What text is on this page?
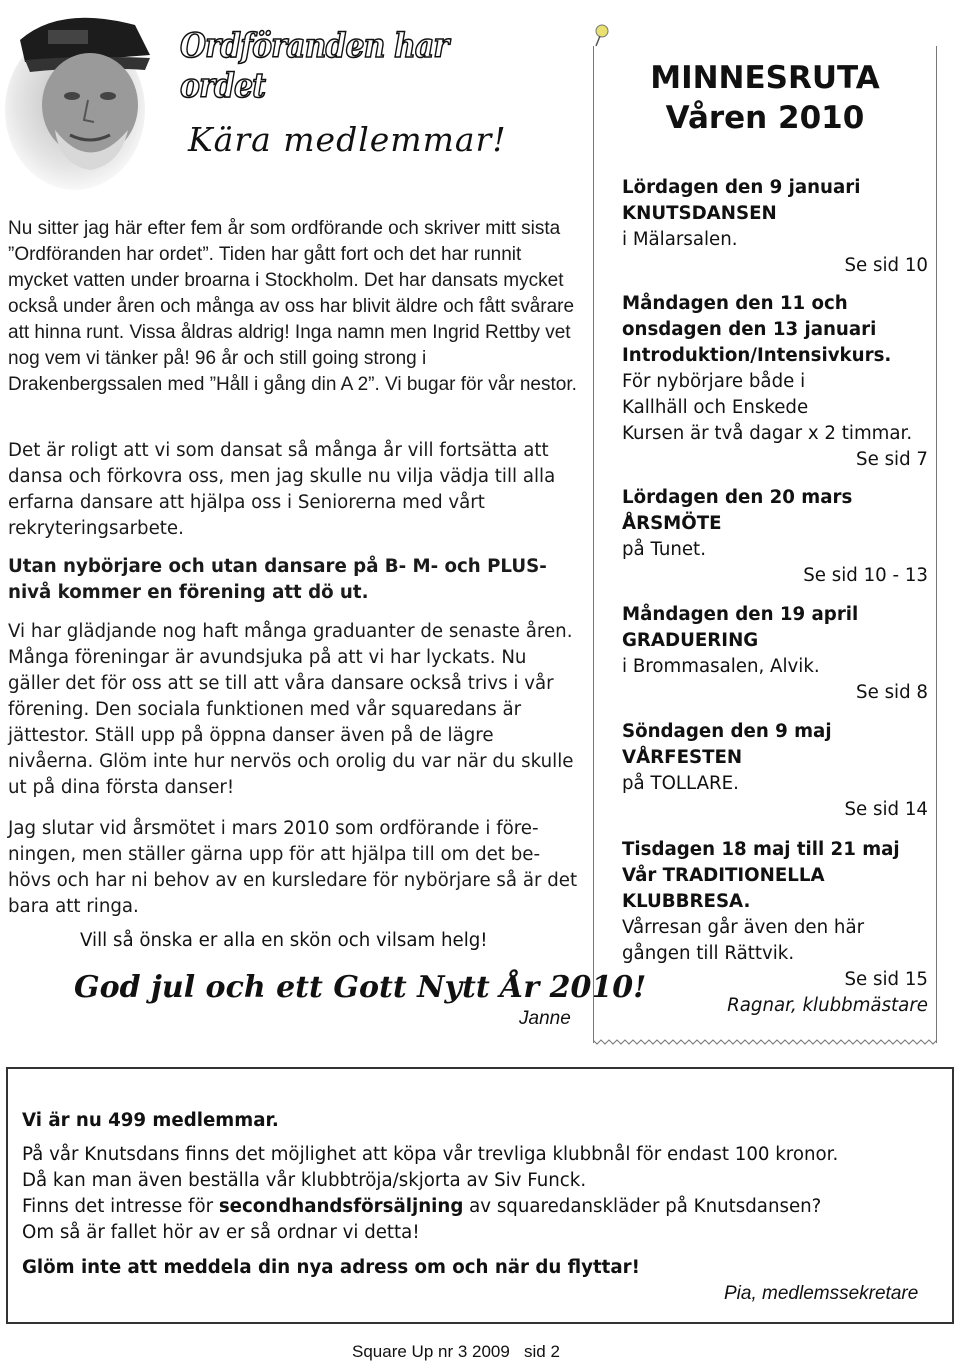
Ordföranden har ordet
Kära medlemmar!

Nu sitter jag här efter fem år som ordförande och skriver mitt sista ”Ordföranden har ordet”. Tiden har gått fort och det har runnit mycket vatten under broarna i Stockholm. Det har dansats mycket också under åren och många av oss har blivit äldre och fått svårare att hinna runt. Vissa åldras aldrig! Inga namn men Ingrid Rettby vet nog vem vi tänker på! 96 år och still going strong i Drakenbergssalen med ”Håll i gång din A 2”. Vi bugar för vår nestor.

Det är roligt att vi som dansat så många år vill fortsätta att dansa och förkovra oss, men jag skulle nu vilja vädja till alla erfarna dansare att hjälpa oss i Seniorerna med vårt rekryteringsarbete.

Utan nybörjare och utan dansare på B- M- och PLUS-nivå kommer en förening att dö ut.

Vi har glädjande nog haft många graduanter de senaste åren. Många föreningar är avundsjuka på att vi har lyckats. Nu gäller det för oss att se till att våra dansare också trivs i vår förening. Den sociala funktionen med vår squaredans är jättestor. Ställ upp på öppna danser även på de lägre nivåerna. Glöm inte hur nervös och orolig du var när du skulle ut på dina första danser!

Jag slutar vid årsmötet i mars 2010 som ordförande i före-ningen, men ställer gärna upp för att hjälpa till om det be-hövs och har ni behov av en kursledare för nybörjare så är det bara att ringa.

Vill så önska er alla en skön och vilsam helg!
God jul och ett Gott Nytt År 2010!
Janne
MINNESRUTA
Våren 2010
Lördagen den 9 januari
KNUTSDANSEN
i Mälarsalen.
Se sid 10
Måndagen den 11 och
onsdagen den 13 januari
Introduktion/Intensivkurs.
För nybörjare både i
Kallhäll och Enskede
Kursen är två dagar x 2 timmar.
Se sid 7
Lördagen den 20 mars
ÅRSMÖTE
på Tunet.
Se sid 10 - 13
Måndagen den 19 april
GRADUERING
i Brommasalen, Alvik.
Se sid 8
Söndagen den 9 maj
VÅRFESTEN
på TOLLARE.
Se sid 14
Tisdagen 18 maj till 21 maj
Vår TRADITIONELLA
KLUBBRESA.
Vårresan går även den här
gången till Rättvik.
Se sid 15
Ragnar, klubbmästare

Vi är nu 499 medlemmar.

På vår Knutsdans finns det möjlighet att köpa vår trevliga klubbnål för endast 100 kronor.

Då kan man även beställa vår klubbtröja/skjorta av Siv Funck.

Finns det intresse för secondhandsförsäljning av squaredanskläder på Knutsdansen?

Om så är fallet hör av er så ordnar vi detta!

Glöm inte att meddela din nya adress om och när du flyttar!
Pia, medlemssekretare
Square Up nr 3 2009   sid 2
